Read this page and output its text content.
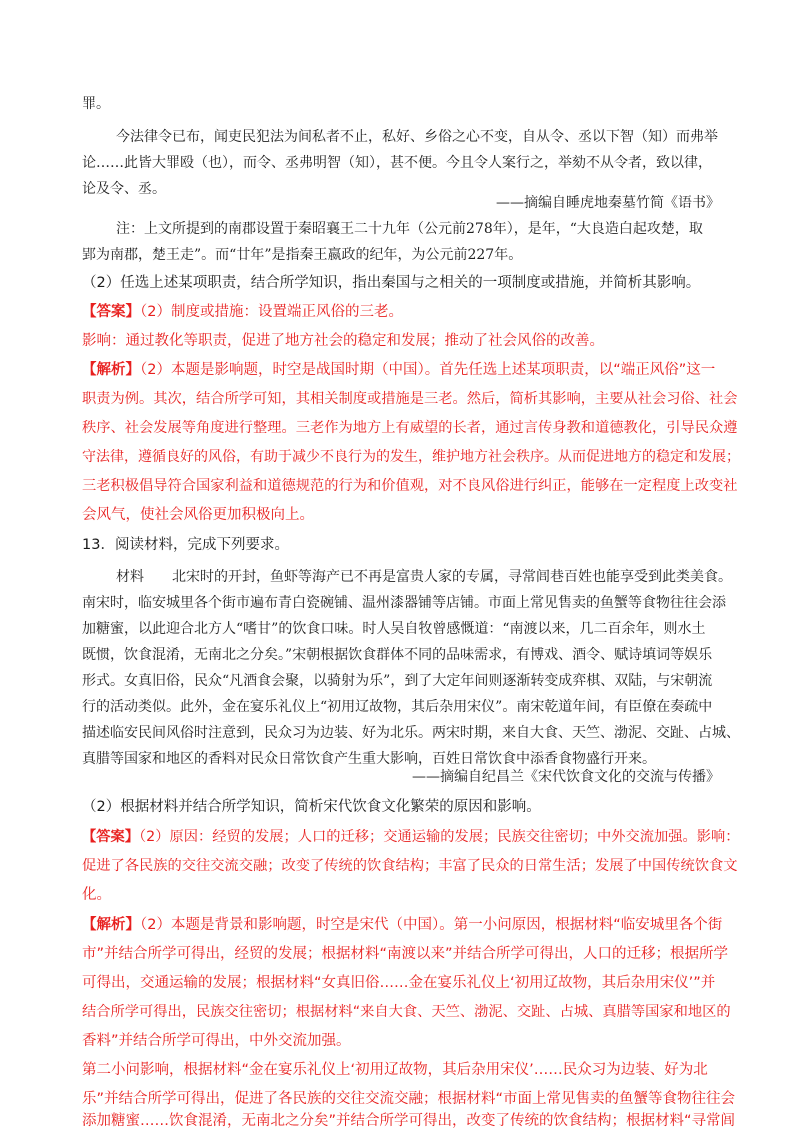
罪。
今法律令已布，闻吏民犯法为间私者不止，私好、乡俗之心不变，自从令、丞以下智（知）而弗举
论……此皆大罪殴（也），而令、丞弗明智（知），甚不便。今且令人案行之，举劾不从令者，致以律，
论及令、丞。
——摘编自睡虎地秦墓竹简《语书》
注：上文所提到的南郡设置于秦昭襄王二十九年（公元前278年），是年，“大良造白起攻楚，取
郢为南郡，楚王走”。而“廿年”是指秦王嬴政的纪年，为公元前227年。
（2）任选上述某项职责，结合所学知识，指出秦国与之相关的一项制度或措施，并简析其影响。
【答案】（2）制度或措施：设置端正风俗的三老。
影响：通过教化等职责，促进了地方社会的稳定和发展；推动了社会风俗的改善。
【解析】（2）本题是影响题，时空是战国时期（中国）。首先任选上述某项职责，以“端正风俗”这一
职责为例。其次，结合所学可知，其相关制度或措施是三老。然后，简析其影响，主要从社会习俗、社会
秩序、社会发展等角度进行整理。三老作为地方上有威望的长者，通过言传身教和道德教化，引导民众遵
守法律，遵循良好的风俗，有助于减少不良行为的发生，维护地方社会秩序。从而促进地方的稳定和发展；
三老积极倡导符合国家利益和道德规范的行为和价值观，对不良风俗进行纠正，能够在一定程度上改变社
会风气，使社会风俗更加积极向上。
13．阅读材料，完成下列要求。
材料　　北宋时的开封，鱼虾等海产已不再是富贵人家的专属，寻常闾巷百姓也能享受到此类美食。
南宋时，临安城里各个街市遍布青白瓷碗铺、温州漆器铺等店铺。市面上常见售卖的鱼蟹等食物往往会添
加糖蜜，以此迎合北方人“嗜甘”的饮食口味。时人吴自牧曾感慨道：“南渡以来，几二百余年，则水土
既惯，饮食混淆，无南北之分矣。”宋朝根据饮食群体不同的品味需求，有博戏、酒令、赋诗填词等娱乐
形式。女真旧俗，民众“凡酒食会聚，以骑射为乐”，到了大定年间则逐渐转变成弈棋、双陆，与宋朝流
行的活动类似。此外，金在宴乐礼仪上“初用辽故物，其后杂用宋仪”。南宋乾道年间，有臣僚在奏疏中
描述临安民间风俗时注意到，民众习为边装、好为北乐。两宋时期，来自大食、天竺、渤泥、交趾、占城、
真腊等国家和地区的香料对民众日常饮食产生重大影响，百姓日常饮食中添香食物盛行开来。
——摘编自纪昌兰《宋代饮食文化的交流与传播》
（2）根据材料并结合所学知识，简析宋代饮食文化繁荣的原因和影响。
【答案】（2）原因：经贸的发展；人口的迁移；交通运输的发展；民族交往密切；中外交流加强。影响：
促进了各民族的交往交流交融；改变了传统的饮食结构；丰富了民众的日常生活；发展了中国传统饮食文
化。
【解析】（2）本题是背景和影响题，时空是宋代（中国）。第一小问原因，根据材料“临安城里各个街
市”并结合所学可得出，经贸的发展；根据材料“南渡以来”并结合所学可得出，人口的迁移；根据所学
可得出，交通运输的发展；根据材料“女真旧俗……金在宴乐礼仪上‘初用辽故物，其后杂用宋仪’”并
结合所学可得出，民族交往密切；根据材料“来自大食、天竺、渤泥、交趾、占城、真腊等国家和地区的
香料”并结合所学可得出，中外交流加强。
第二小问影响，根据材料“金在宴乐礼仪上‘初用辽故物，其后杂用宋仪’……民众习为边装、好为北
乐”并结合所学可得出，促进了各民族的交往交流交融；根据材料“市面上常见售卖的鱼蟹等食物往往会
添加糖蜜……饮食混淆，无南北之分矣”并结合所学可得出，改变了传统的饮食结构；根据材料“寻常闾
